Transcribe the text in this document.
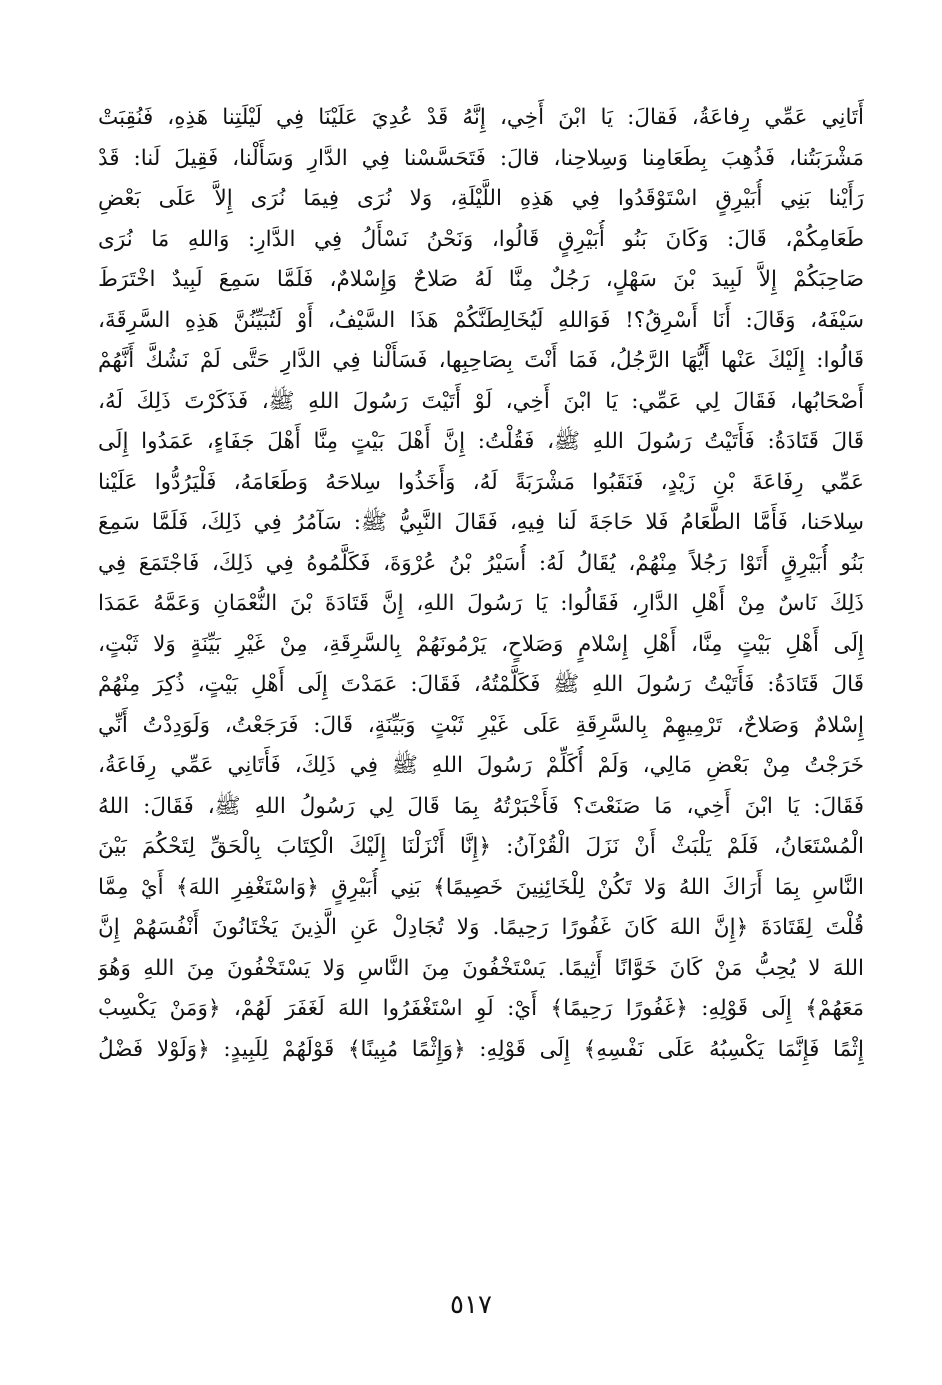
أَتَانِي عَمِّي رِفاعَةُ، فَقالَ: يَا ابْنَ أَخِي، إِنَّهُ قَدْ عُدِيَ عَلَيْنَا فِي لَيْلَتِنا هَذِهِ، فَنُقِبَتْ
مَشْرَبَتُنا، فَذُهِبَ بِطَعَامِنا وَسِلاحِنا، قالَ: فَتَحَسَّسْنا فِي الدَّارِ وَسَأَلْنا، فَقِيلَ لَنا: قَدْ
رَأَيْنا بَنِي أُبَيْرِقٍ اسْتَوْقَدُوا فِي هَذِهِ اللَّيْلَةِ، وَلا نُرَى فِيمَا نُرَى إِلاَّ عَلَى بَعْضِ
طَعَامِكُمْ، قَالَ: وَكَانَ بَنُو أُبَيْرِقٍ قَالُوا، وَنَحْنُ نَسْأَلُ فِي الدَّارِ: وَاللهِ مَا نُرَى
صَاحِبَكُمْ إِلاَّ لَبِيدَ بْنَ سَهْلٍ، رَجُلٌ مِنَّا لَهُ صَلاحٌ وَإِسْلامٌ، فَلَمَّا سَمِعَ لَبِيدٌ اخْتَرَطَ
سَيْفَهُ، وَقَالَ: أَنَا أَسْرِقُ؟! فَوَاللهِ لَيُخَالِطَنَّكُمْ هَذَا السَّيْفُ، أَوْ لَتُبَيِّنُنَّ هَذِهِ السَّرِقَةَ،
قَالُوا: إِلَيْكَ عَنْها أَيُّهَا الرَّجُلُ، فَمَا أَنْتَ بِصَاحِبِها، فَسَأَلْنا فِي الدَّارِ حَتَّى لَمْ نَشُكَّ أَنَّهُمْ
أَصْحَابُها، فَقَالَ لِي عَمِّي: يَا ابْنَ أَخِي، لَوْ أَتَيْتَ رَسُولَ اللهِ ﷺ، فَذَكَرْتَ ذَلِكَ لَهُ،
قَالَ قَتَادَةُ: فَأَتَيْتُ رَسُولَ اللهِ ﷺ، فَقُلْتُ: إِنَّ أَهْلَ بَيْتٍ مِنَّا أَهْلَ جَفَاءٍ، عَمَدُوا إِلَى
عَمِّي رِفَاعَةَ بْنِ زَيْدٍ، فَنَقَبُوا مَشْرَبَةً لَهُ، وَأَخَذُوا سِلاحَهُ وَطَعَامَهُ، فَلْيَرُدُّوا عَلَيْنا
سِلاحَنا، فَأَمَّا الطَّعَامُ فَلا حَاجَةَ لَنا فِيهِ، فَقَالَ النَّبِيُّ ﷺ: سَآمُرُ فِي ذَلِكَ، فَلَمَّا سَمِعَ
بَنُو أُبَيْرِقٍ أَتَوْا رَجُلاً مِنْهُمْ، يُقَالُ لَهُ: أُسَيْرُ بْنُ عُرْوَةَ، فَكَلَّمُوهُ فِي ذَلِكَ، فَاجْتَمَعَ فِي
ذَلِكَ نَاسٌ مِنْ أَهْلِ الدَّارِ، فَقَالُوا: يَا رَسُولَ اللهِ، إِنَّ قَتَادَةَ بْنَ النُّعْمَانِ وَعَمَّهُ عَمَدَا
إِلَى أَهْلِ بَيْتٍ مِنَّا، أَهْلِ إِسْلامٍ وَصَلاحٍ، يَرْمُونَهُمْ بِالسَّرِقَةِ، مِنْ غَيْرِ بَيِّنَةٍ وَلا ثَبْتٍ،
قَالَ قَتَادَةُ: فَأَتَيْتُ رَسُولَ اللهِ ﷺ فَكَلَّمْتُهُ، فَقَالَ: عَمَدْتَ إِلَى أَهْلِ بَيْتٍ، ذُكِرَ مِنْهُمْ
إِسْلامٌ وَصَلاحٌ، تَرْمِيهِمْ بِالسَّرِقَةِ عَلَى غَيْرِ ثَبْتٍ وَبَيِّنَةٍ، قَالَ: فَرَجَعْتُ، وَلَوَدِدْتُ أَنِّي
خَرَجْتُ مِنْ بَعْضِ مَالِي، وَلَمْ أُكَلِّمْ رَسُولَ اللهِ ﷺ فِي ذَلِكَ، فَأَتَانِي عَمِّي رِفَاعَةُ،
فَقَالَ: يَا ابْنَ أَخِي، مَا صَنَعْتَ؟ فَأَخْبَرْتُهُ بِمَا قَالَ لِي رَسُولُ اللهِ ﷺ، فَقَالَ: اللهُ
الْمُسْتَعَانُ، فَلَمْ يَلْبَثْ أَنْ نَزَلَ الْقُرْآنُ: ﴿إِنَّا أَنْزَلْنَا إِلَيْكَ الْكِتَابَ بِالْحَقِّ لِتَحْكُمَ بَيْنَ
النَّاسِ بِمَا أَرَاكَ اللهُ وَلا تَكُنْ لِلْخَائِنِينَ خَصِيمًا﴾ بَنِي أُبَيْرِقٍ ﴿وَاسْتَغْفِرِ اللهَ﴾ أَيْ مِمَّا
قُلْتَ لِقَتَادَةَ ﴿إِنَّ اللهَ كَانَ غَفُورًا رَحِيمًا. وَلا تُجَادِلْ عَنِ الَّذِينَ يَخْتَانُونَ أَنْفُسَهُمْ إِنَّ
اللهَ لا يُحِبُّ مَنْ كَانَ خَوَّانًا أَثِيمًا. يَسْتَخْفُونَ مِنَ النَّاسِ وَلا يَسْتَخْفُونَ مِنَ اللهِ وَهُوَ
مَعَهُمْ﴾ إِلَى قَوْلِهِ: ﴿غَفُورًا رَحِيمًا﴾ أَيْ: لَوِ اسْتَغْفَرُوا اللهَ لَغَفَرَ لَهُمْ، ﴿وَمَنْ يَكْسِبْ
إِثْمًا فَإِنَّمَا يَكْسِبُهُ عَلَى نَفْسِهِ﴾ إِلَى قَوْلِهِ: ﴿وَإِثْمًا مُبِينًا﴾ قَوْلَهُمْ لِلَبِيدٍ: ﴿وَلَوْلا فَضْلُ
٥١٧
